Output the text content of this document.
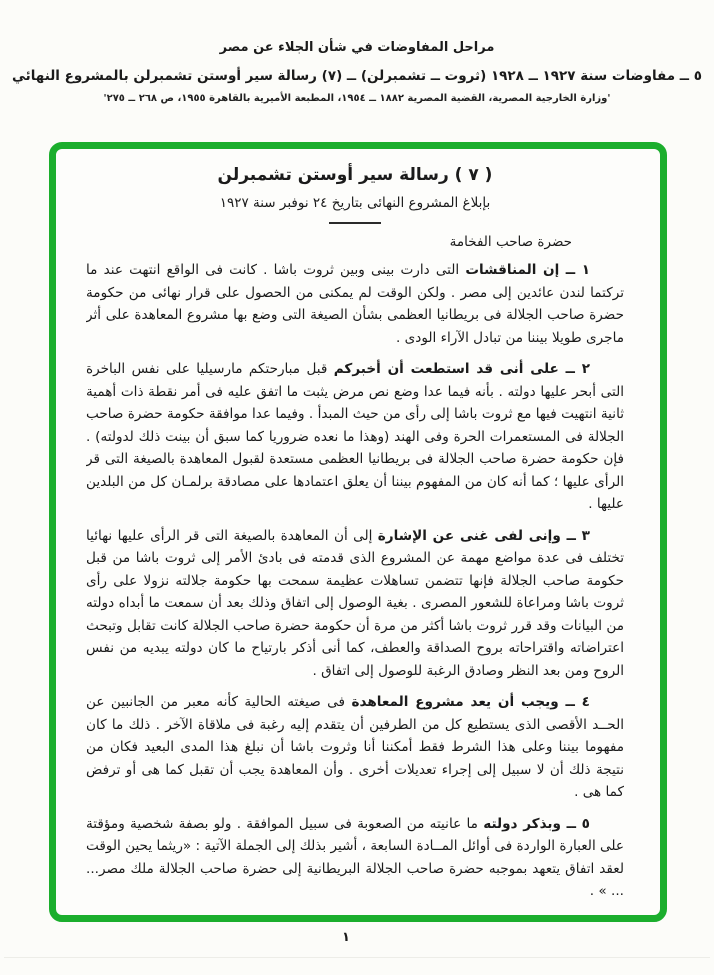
مراحل المفاوضات في شأن الجلاء عن مصر
٥ ــ مفاوضات سنة ١٩٢٧ ــ ١٩٢٨ (ثروت ــ تشمبرلن) ــ (٧) رسالة سير أوستن تشمبرلن بالمشروع النهائي
'وزارة الخارجية المصرية، القضية المصرية ١٨٨٢ ــ ١٩٥٤، المطبعة الأميرية بالقاهرة ١٩٥٥، ص ٢٦٨ ــ ٢٧٥'
( ٧ ) رسالة سير أوستن تشمبرلن
بإبلاغ المشروع النهائى بتاريخ ٢٤ نوفبر سنة ١٩٢٧
حضرة صاحب الفخامة

١ ــ إن المناقشات التى دارت بينى وبين ثروت باشا . كانت فى الواقع انتهت عند ما تركتما لندن عائدين إلى مصر . ولكن الوقت لم يمكنى من الحصول على قرار نهائى من حكومة حضرة صاحب الجلالة فى بريطانيا العظمى بشأن الصيغة التى وضع بها مشروع المعاهدة على أثر ماجرى طويلا بيننا من تبادل الآراء الودى .

٢ ــ على أنى قد استطعت أن أخبركم قبل مبارحتكم مارسيليا على نفس الباخرة التى أبحر عليها دولته . بأنه فيما عدا وضع نص مرض يثبت ما اتفق عليه فى أمر نقطة ذات أهمية ثانية انتهيت فيها مع ثروت باشا إلى رأى من حيث المبدأ . وفيما عدا موافقة حكومة حضرة صاحب الجلالة فى المستعمرات الحرة وفى الهند (وهذا ما نعده ضروريا كما سبق أن بينت ذلك لدولته) . فإن حكومة حضرة صاحب الجلالة فى بريطانيا العظمى مستعدة لقبول المعاهدة بالصيغة التى قر الرأى عليها ؛ كما أنه كان من المفهوم بيننا أن يعلق اعتمادها على مصادقة برلمـان كل من البلدين عليها .

٣ ــ وإنى لفى غنى عن الإشارة إلى أن المعاهدة بالصيغة التى قر الرأى عليها نهائيا تختلف فى عدة مواضع مهمة عن المشروع الذى قدمته فى بادئ الأمر إلى ثروت باشا من قبل حكومة صاحب الجلالة فإنها تتضمن تساهلات عظيمة سمحت بها حكومة جلالته نزولا على رأى ثروت باشا ومراعاة للشعور المصرى . بغية الوصول إلى اتفاق وذلك بعد أن سمعت ما أبداه دولته من البيانات وقد قرر ثروت باشا أكثر من مرة أن حكومة حضرة صاحب الجلالة كانت تقابل وتبحث اعتراضاته واقتراحاته بروح الصداقة والعطف، كما أنى أذكر بارتياح ما كان دولته يبديه من نفس الروح ومن بعد النظر وصادق الرغبة للوصول إلى اتفاق .

٤ ــ ويجب أن يعد مشروع المعاهدة فى صيغته الحالية كأنه معبر من الجانبين عن الحــد الأقصى الذى يستطيع كل من الطرفين أن يتقدم إليه رغبة فى ملاقاة الآخر . ذلك ما كان مفهوما بيننا وعلى هذا الشرط فقط أمكننا أنا وثروت باشا أن نبلغ هذا المدى البعيد فكان من نتيجة ذلك أن لا سبيل إلى إجراء تعديلات أخرى . وأن المعاهدة يجب أن تقبل كما هى أو ترفض كما هى .

٥ ــ وبذكر دولته ما عانيته من الصعوبة فى سبيل الموافقة . ولو بصفة شخصية ومؤقتة على العبارة الواردة فى أوائل المــادة السابعة ، أشير بذلك إلى الجملة الآتية : «ريثما يحين الوقت لعقد اتفاق يتعهد بموجبه حضرة صاحب الجلالة البريطانية إلى حضرة صاحب الجلالة ملك مصر... ... » .

١
